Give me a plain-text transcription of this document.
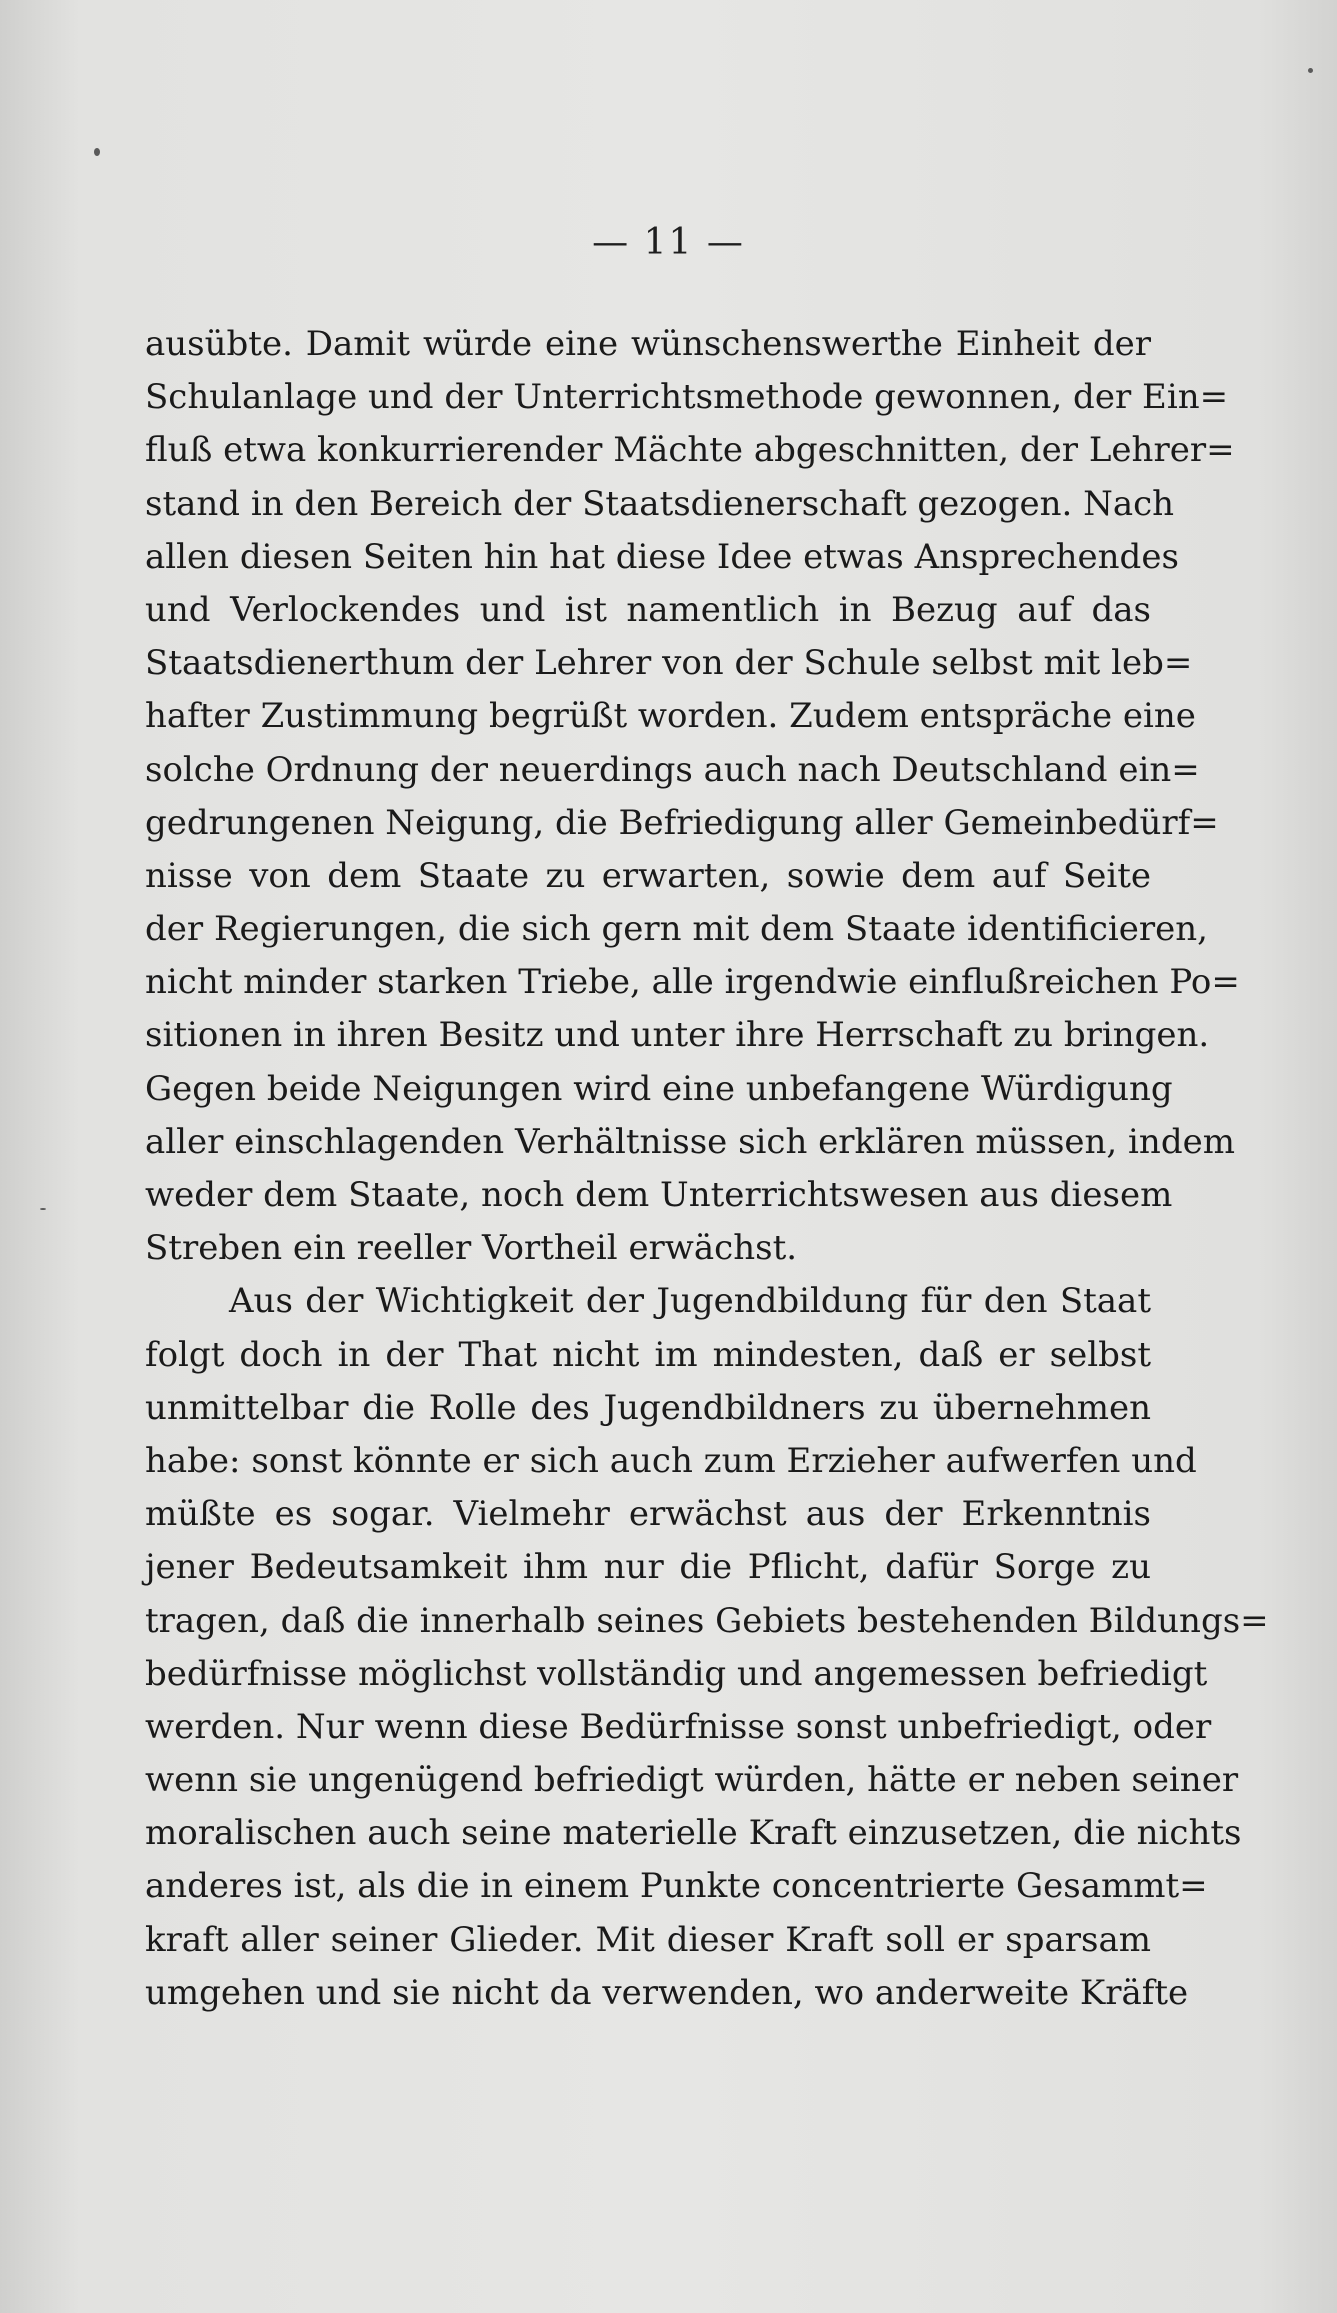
— 11 —
ausübte. Damit würde eine wünschenswerthe Einheit der
Schulanlage und der Unterrichtsmethode gewonnen, der Ein=
fluß etwa konkurrierender Mächte abgeschnitten, der Lehrer=
stand in den Bereich der Staatsdienerschaft gezogen. Nach
allen diesen Seiten hin hat diese Idee etwas Ansprechendes
und Verlockendes und ist namentlich in Bezug auf das
Staatsdienerthum der Lehrer von der Schule selbst mit leb=
hafter Zustimmung begrüßt worden. Zudem entspräche eine
solche Ordnung der neuerdings auch nach Deutschland ein=
gedrungenen Neigung, die Befriedigung aller Gemeinbedürf=
nisse von dem Staate zu erwarten, sowie dem auf Seite
der Regierungen, die sich gern mit dem Staate identificieren,
nicht minder starken Triebe, alle irgendwie einflußreichen Po=
sitionen in ihren Besitz und unter ihre Herrschaft zu bringen.
Gegen beide Neigungen wird eine unbefangene Würdigung
aller einschlagenden Verhältnisse sich erklären müssen, indem
weder dem Staate, noch dem Unterrichtswesen aus diesem
Streben ein reeller Vortheil erwächst.
Aus der Wichtigkeit der Jugendbildung für den Staat
folgt doch in der That nicht im mindesten, daß er selbst
unmittelbar die Rolle des Jugendbildners zu übernehmen
habe: sonst könnte er sich auch zum Erzieher aufwerfen und
müßte es sogar. Vielmehr erwächst aus der Erkenntnis
jener Bedeutsamkeit ihm nur die Pflicht, dafür Sorge zu
tragen, daß die innerhalb seines Gebiets bestehenden Bildungs=
bedürfnisse möglichst vollständig und angemessen befriedigt
werden. Nur wenn diese Bedürfnisse sonst unbefriedigt, oder
wenn sie ungenügend befriedigt würden, hätte er neben seiner
moralischen auch seine materielle Kraft einzusetzen, die nichts
anderes ist, als die in einem Punkte concentrierte Gesammt=
kraft aller seiner Glieder. Mit dieser Kraft soll er sparsam
umgehen und sie nicht da verwenden, wo anderweite Kräfte
